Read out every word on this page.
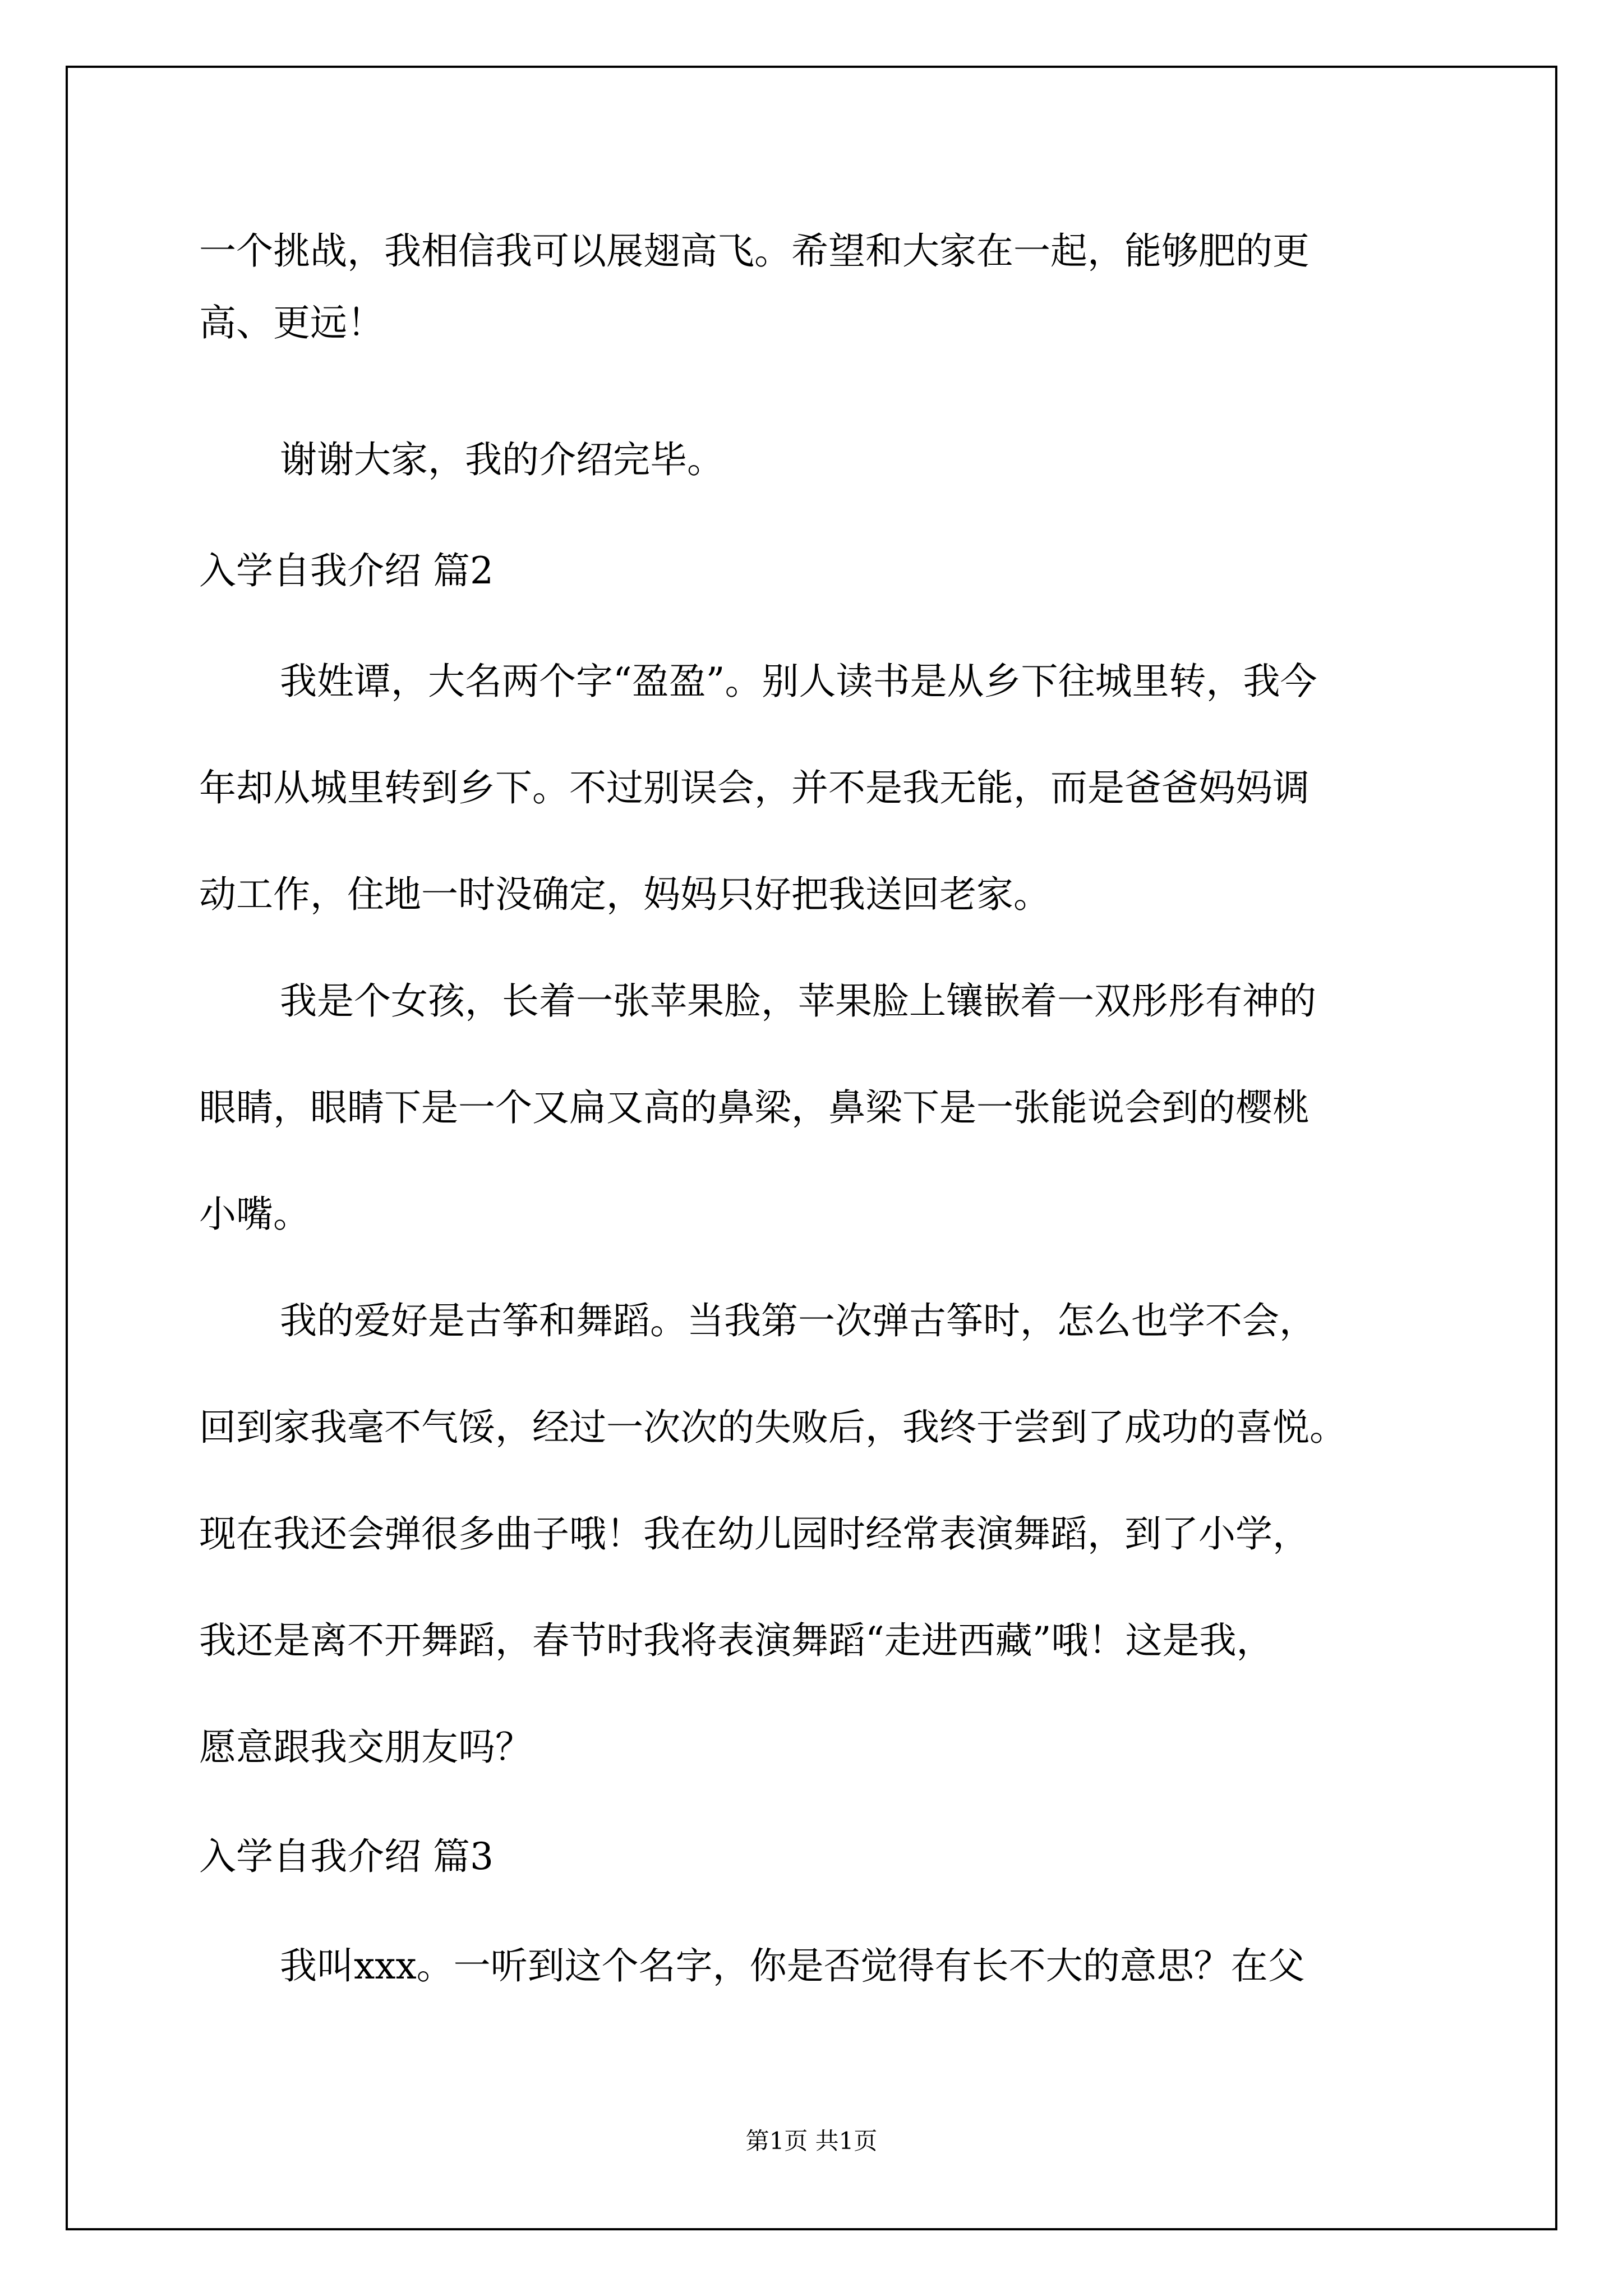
一个挑战，我相信我可以展翅高飞。希望和大家在一起，能够肥的更
高、更远！
谢谢大家，我的介绍完毕。
入学自我介绍 篇2
我姓谭，大名两个字“盈盈”。别人读书是从乡下往城里转，我今
年却从城里转到乡下。不过别误会，并不是我无能，而是爸爸妈妈调
动工作，住地一时没确定，妈妈只好把我送回老家。
我是个女孩，长着一张苹果脸，苹果脸上镶嵌着一双彤彤有神的
眼睛，眼睛下是一个又扁又高的鼻梁，鼻梁下是一张能说会到的樱桃
小嘴。
我的爱好是古筝和舞蹈。当我第一次弹古筝时，怎么也学不会，
回到家我毫不气馁，经过一次次的失败后，我终于尝到了成功的喜悦。
现在我还会弹很多曲子哦！我在幼儿园时经常表演舞蹈，到了小学，
我还是离不开舞蹈，春节时我将表演舞蹈“走进西藏”哦！这是我，
愿意跟我交朋友吗？
入学自我介绍 篇3
我叫xxx。一听到这个名字，你是否觉得有长不大的意思？在父
第1页 共1页
